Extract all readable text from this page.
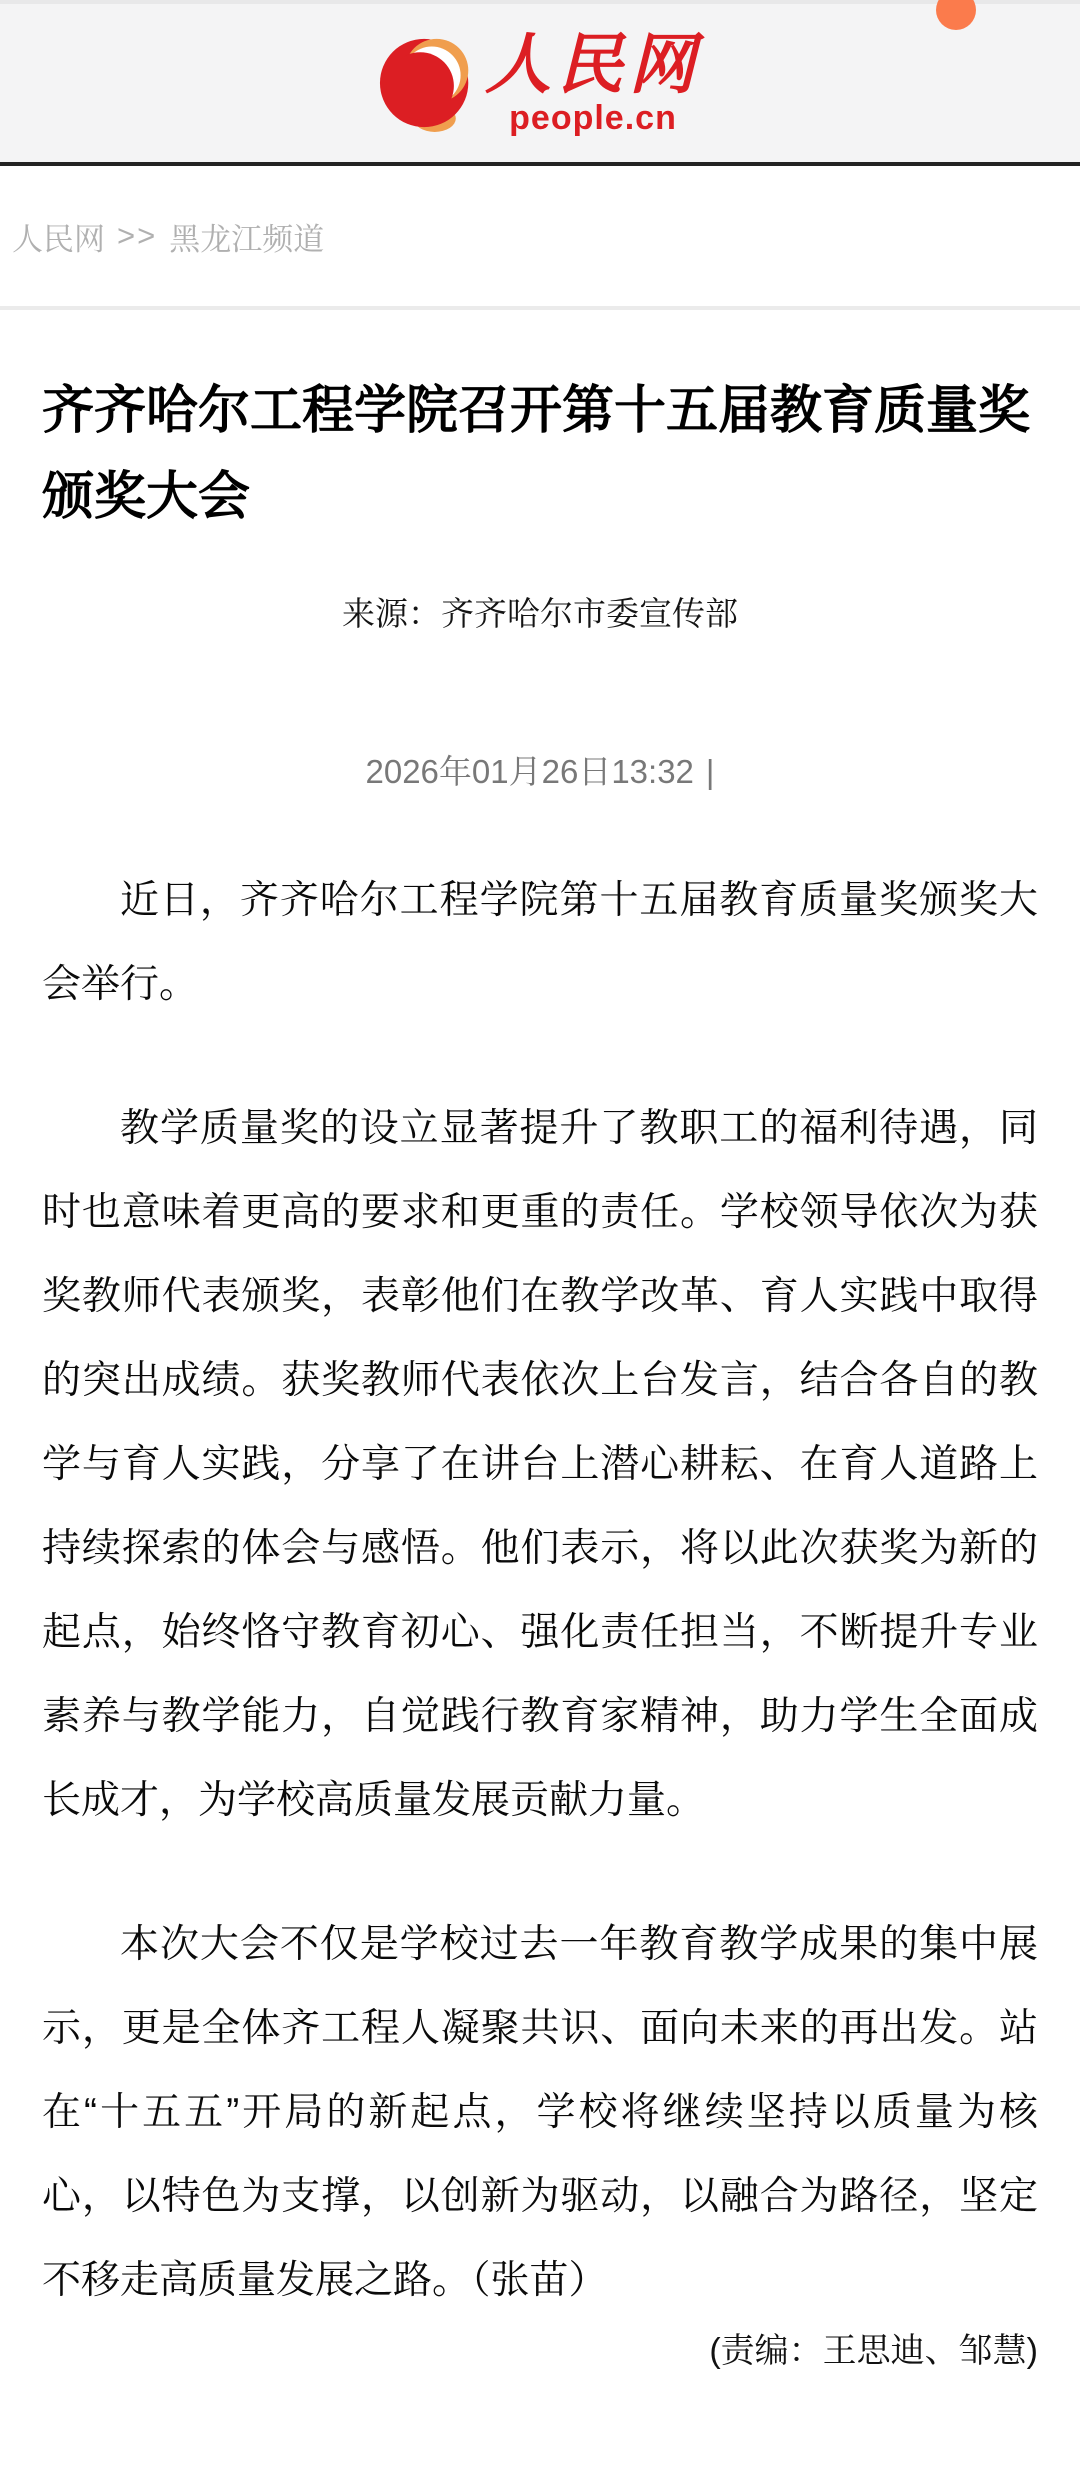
人民网
people.cn
人民网 >> 黑龙江频道
齐齐哈尔工程学院召开第十五届教育质量奖颁奖大会
来源：齐齐哈尔市委宣传部
2026年01月26日13:32 |

近日，齐齐哈尔工程学院第十五届教育质量奖颁奖大会举行。

教学质量奖的设立显著提升了教职工的福利待遇，同时也意味着更高的要求和更重的责任。学校领导依次为获奖教师代表颁奖，表彰他们在教学改革、育人实践中取得的突出成绩。获奖教师代表依次上台发言，结合各自的教学与育人实践，分享了在讲台上潜心耕耘、在育人道路上持续探索的体会与感悟。他们表示，将以此次获奖为新的起点，始终恪守教育初心、强化责任担当，不断提升专业素养与教学能力，自觉践行教育家精神，助力学生全面成长成才，为学校高质量发展贡献力量。

本次大会不仅是学校过去一年教育教学成果的集中展示，更是全体齐工程人凝聚共识、面向未来的再出发。站在“十五五”开局的新起点，学校将继续坚持以质量为核心，以特色为支撑，以创新为驱动，以融合为路径，坚定不移走高质量发展之路。（张苗）

(责编：王思迪、邹慧)
